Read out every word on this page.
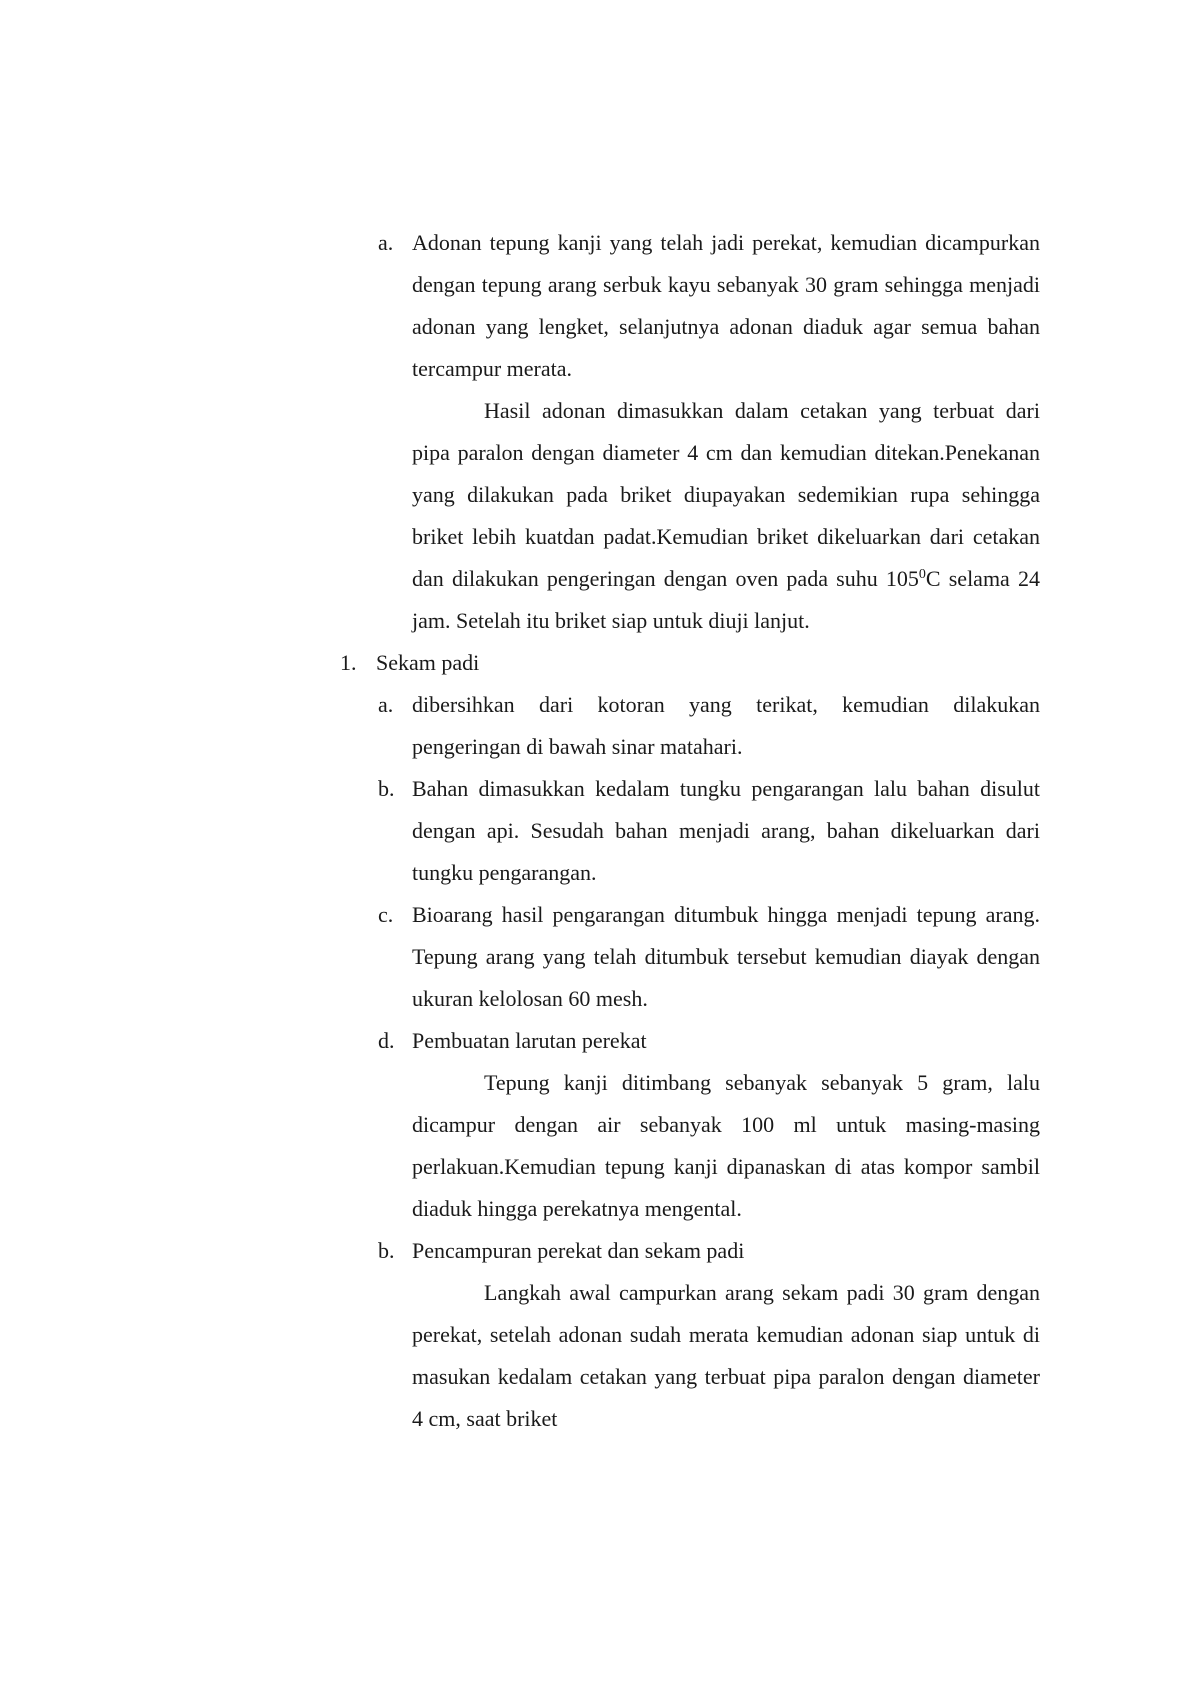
a. Adonan tepung kanji yang telah jadi perekat, kemudian dicampurkan dengan tepung arang serbuk kayu sebanyak 30 gram sehingga menjadi adonan yang lengket, selanjutnya adonan diaduk agar semua bahan tercampur merata.

Hasil adonan dimasukkan dalam cetakan yang terbuat dari pipa paralon dengan diameter 4 cm dan kemudian ditekan.Penekanan yang dilakukan pada briket diupayakan sedemikian rupa sehingga briket lebih kuatdan padat.Kemudian briket dikeluarkan dari cetakan dan dilakukan pengeringan dengan oven pada suhu $105^0C$ selama 24 jam. Setelah itu briket siap untuk diuji lanjut.

1. Sekam padi
a. dibersihkan dari kotoran yang terikat, kemudian dilakukan pengeringan di bawah sinar matahari.

b. Bahan dimasukkan kedalam tungku pengarangan lalu bahan disulut dengan api. Sesudah bahan menjadi arang, bahan dikeluarkan dari tungku pengarangan.

c. Bioarang hasil pengarangan ditumbuk hingga menjadi tepung arang. Tepung arang yang telah ditumbuk tersebut kemudian diayak dengan ukuran kelolosan 60 mesh.

d. Pembuatan larutan perekat

Tepung kanji ditimbang sebanyak sebanyak 5 gram, lalu dicampur dengan air sebanyak 100 ml untuk masing-masing perlakuan.Kemudian tepung kanji dipanaskan di atas kompor sambil diaduk hingga perekatnya mengental.

b. Pencampuran perekat dan sekam padi

Langkah awal campurkan arang sekam padi 30 gram dengan perekat, setelah adonan sudah merata kemudian adonan siap untuk di masukan kedalam cetakan yang terbuat pipa paralon dengan diameter 4 cm, saat briket
